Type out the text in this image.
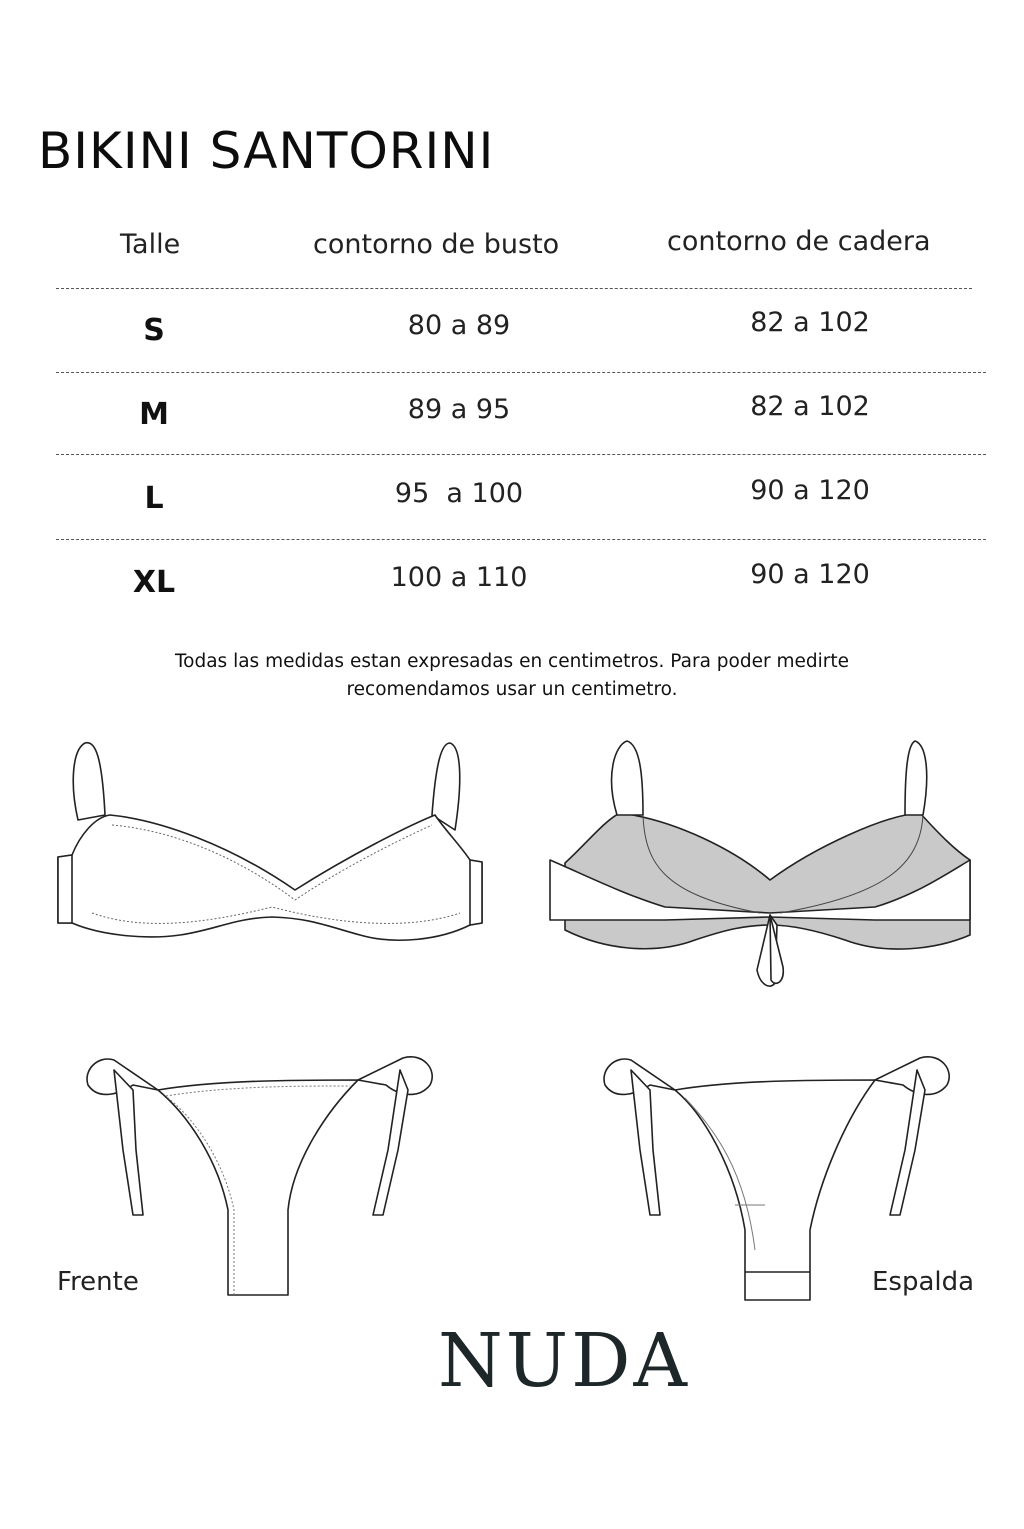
BIKINI SANTORINI
Talle	contorno de busto	contorno de cadera
S	80 a 89	82 a 102
M	89 a 95	82 a 102
L	95  a 100	90 a 120
XL	100 a 110	90 a 120
Todas las medidas estan expresadas en centimetros. Para poder medirte
recomendamos usar un centimetro.
Frente	Espalda
NUDA
